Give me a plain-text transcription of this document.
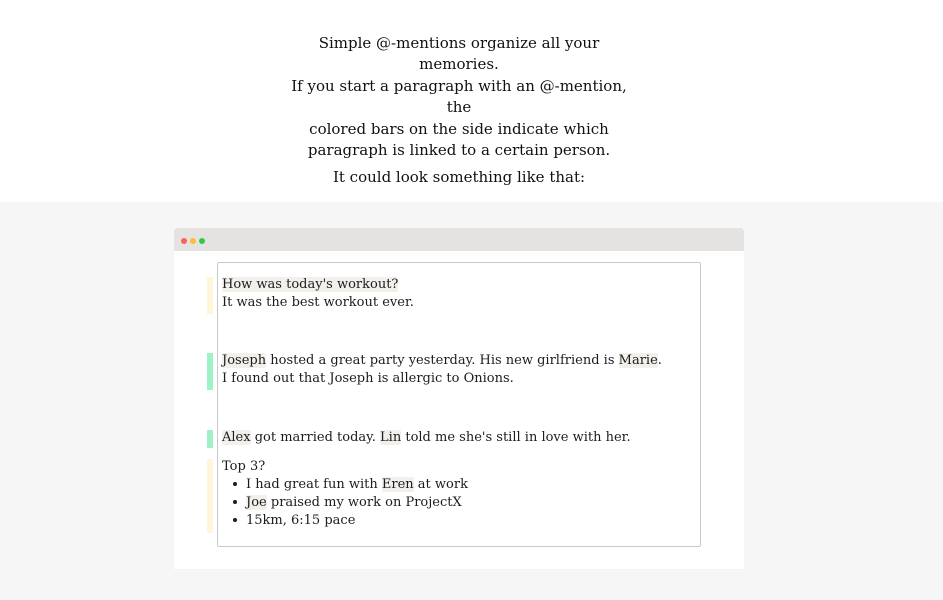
Simple @-mentions organize all your

memories.

If you start a paragraph with an @-mention, the

colored bars on the side indicate which

paragraph is linked to a certain person.

It could look something like that:
How was today's workout?
It was the best workout ever.
Joseph hosted a great party yesterday. His new girlfriend is Marie.
I found out that Joseph is allergic to Onions.
Alex got married today. Lin told me she's still in love with her.
Top 3?
I had great fun with Eren at work
Joe praised my work on ProjectX
15km, 6:15 pace
